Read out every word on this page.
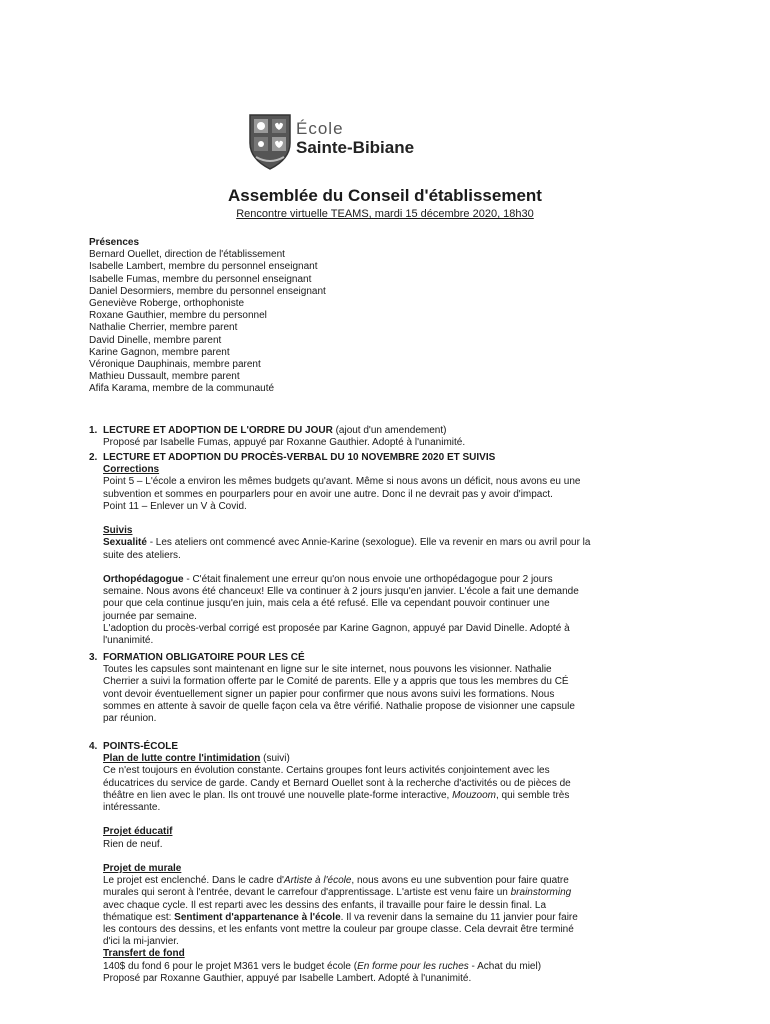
École
Sainte-Bibiane
Assemblée du Conseil d'établissement
Rencontre virtuelle TEAMS, mardi 15 décembre 2020, 18h30
Présences
Bernard Ouellet, direction de l'établissement
Isabelle Lambert, membre du personnel enseignant
Isabelle Fumas, membre du personnel enseignant
Daniel Desormiers, membre du personnel enseignant
Geneviève Roberge, orthophoniste
Roxane Gauthier, membre du personnel
Nathalie Cherrier, membre parent
David Dinelle, membre parent
Karine Gagnon, membre parent
Véronique Dauphinais, membre parent
Mathieu Dussault, membre parent
Afifa Karama, membre de la communauté
1. LECTURE ET ADOPTION DE L'ORDRE DU JOUR (ajout d'un amendement)

Proposé par Isabelle Fumas, appuyé par Roxanne Gauthier. Adopté à l'unanimité.

2. LECTURE ET ADOPTION DU PROCÈS-VERBAL DU 10 NOVEMBRE 2020 ET SUIVIS

Corrections

Point 5 – L'école a environ les mêmes budgets qu'avant. Même si nous avons un déficit, nous avons eu une

subvention et sommes en pourparlers pour en avoir une autre. Donc il ne devrait pas y avoir d'impact.

Point 11 – Enlever un V à Covid.

Suivis

Sexualité - Les ateliers ont commencé avec Annie-Karine (sexologue). Elle va revenir en mars ou avril pour la

suite des ateliers.

Orthopédagogue - C'était finalement une erreur qu'on nous envoie une orthopédagogue pour 2 jours

semaine. Nous avons été chanceux! Elle va continuer à 2 jours jusqu'en janvier. L'école a fait une demande

pour que cela continue jusqu'en juin, mais cela a été refusé. Elle va cependant pouvoir continuer une

journée par semaine.

L'adoption du procès-verbal corrigé est proposée par Karine Gagnon, appuyé par David Dinelle. Adopté à

l'unanimité.

3. FORMATION OBLIGATOIRE POUR LES CÉ

Toutes les capsules sont maintenant en ligne sur le site internet, nous pouvons les visionner. Nathalie

Cherrier a suivi la formation offerte par le Comité de parents. Elle y a appris que tous les membres du CÉ

vont devoir éventuellement signer un papier pour confirmer que nous avons suivi les formations. Nous

sommes en attente à savoir de quelle façon cela va être vérifié. Nathalie propose de visionner une capsule

par réunion.

4. POINTS-ÉCOLE

Plan de lutte contre l'intimidation (suivi)

Ce n'est toujours en évolution constante. Certains groupes font leurs activités conjointement avec les

éducatrices du service de garde. Candy et Bernard Ouellet sont à la recherche d'activités ou de pièces de

théâtre en lien avec le plan. Ils ont trouvé une nouvelle plate-forme interactive, Mouzoom, qui semble très

intéressante.

Projet éducatif

Rien de neuf.

Projet de murale

Le projet est enclenché. Dans le cadre d'Artiste à l'école, nous avons eu une subvention pour faire quatre

murales qui seront à l'entrée, devant le carrefour d'apprentissage. L'artiste est venu faire un brainstorming

avec chaque cycle. Il est reparti avec les dessins des enfants, il travaille pour faire le dessin final. La

thématique est: Sentiment d'appartenance à l'école. Il va revenir dans la semaine du 11 janvier pour faire

les contours des dessins, et les enfants vont mettre la couleur par groupe classe. Cela devrait être terminé

d'ici la mi-janvier.

Transfert de fond

140$ du fond 6 pour le projet M361 vers le budget école (En forme pour les ruches - Achat du miel)

Proposé par Roxanne Gauthier, appuyé par Isabelle Lambert. Adopté à l'unanimité.
